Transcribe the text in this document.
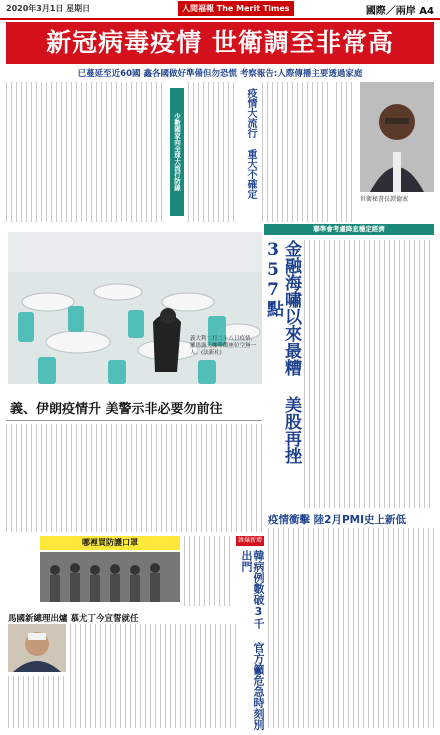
2020年3月1日 星期日	人間福報 The Merit Times	國際／兩岸 A4
新冠病毒疫情 世衛調至非常高
已蔓延至近60國 鑫各國做好準備但勿恐慌 考察報告:人際傳播主要透過家庭
少數國家向全球大流行防線	疫情大流行 重大不確定
世衛秘書長譚德塞
聯準會考慮降息穩定經濟
義大利二月二十八日疫情，羅馬露天咖啡館座位空無一人。(法新社)	金融海嘯以來最糟 美股再挫357點
義、伊朗疫情升 美警示非必要勿前往
疫情衝擊 陸2月PMI史上新低
哪裡買防護口罩	韓爆新增
韓病例數破3千 官方籲危急時刻別出門
馬國新總理出爐 慕尤丁今宣誓就任
